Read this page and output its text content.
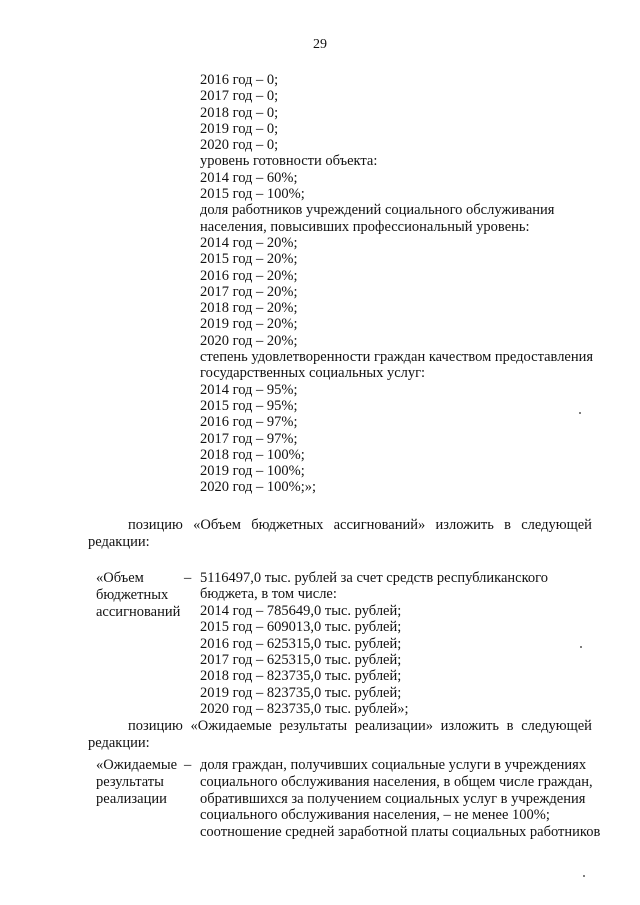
29
2016 год – 0;
2017 год – 0;
2018 год – 0;
2019 год – 0;
2020 год – 0;
уровень готовности объекта:
2014 год – 60%;
2015 год – 100%;
доля работников учреждений социального обслуживания
населения, повысивших профессиональный уровень:
2014 год – 20%;
2015 год – 20%;
2016 год – 20%;
2017 год – 20%;
2018 год – 20%;
2019 год – 20%;
2020 год – 20%;
степень удовлетворенности граждан качеством предоставления
государственных социальных услуг:
2014 год – 95%;
2015 год – 95%;
2016 год – 97%;
2017 год – 97%;
2018 год – 100%;
2019 год – 100%;
2020 год – 100%;»;
позицию «Объем бюджетных ассигнований» изложить в следующей
редакции:
«Объем бюджетных ассигнований
– 5116497,0 тыс. рублей за счет средств республиканского
бюджета, в том числе:
2014 год – 785649,0 тыс. рублей;
2015 год – 609013,0 тыс. рублей;
2016 год – 625315,0 тыс. рублей;
2017 год – 625315,0 тыс. рублей;
2018 год – 823735,0 тыс. рублей;
2019 год – 823735,0 тыс. рублей;
2020 год – 823735,0 тыс. рублей»;
позицию «Ожидаемые результаты реализации» изложить в следующей
редакции:
«Ожидаемые результаты реализации
– доля граждан, получивших социальные услуги в учреждениях
социального обслуживания населения, в общем числе граждан,
обратившихся за получением социальных услуг в учреждения
социального обслуживания населения, – не менее 100%;
соотношение средней заработной платы социальных работников
